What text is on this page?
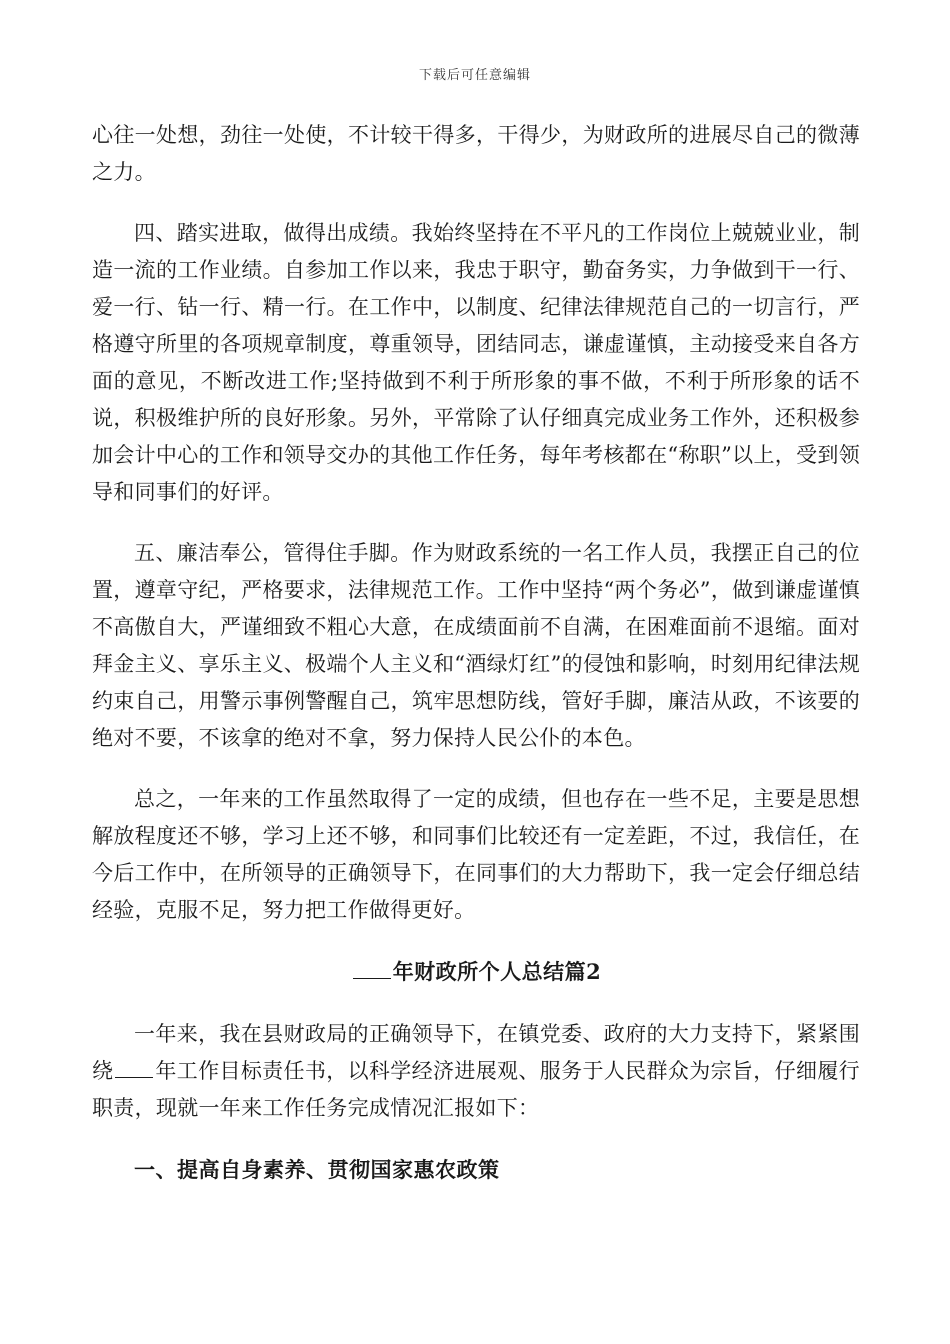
下载后可任意编辑

心往一处想，劲往一处使，不计较干得多，干得少，为财政所的进展尽自己的微薄之力。

四、踏实进取，做得出成绩。我始终坚持在不平凡的工作岗位上兢兢业业，制造一流的工作业绩。自参加工作以来，我忠于职守，勤奋务实，力争做到干一行、爱一行、钻一行、精一行。在工作中，以制度、纪律法律规范自己的一切言行，严格遵守所里的各项规章制度，尊重领导，团结同志，谦虚谨慎，主动接受来自各方面的意见，不断改进工作;坚持做到不利于所形象的事不做，不利于所形象的话不说，积极维护所的良好形象。另外，平常除了认仔细真完成业务工作外，还积极参加会计中心的工作和领导交办的其他工作任务，每年考核都在“称职”以上，受到领导和同事们的好评。

五、廉洁奉公，管得住手脚。作为财政系统的一名工作人员，我摆正自己的位置，遵章守纪，严格要求，法律规范工作。工作中坚持“两个务必”，做到谦虚谨慎不高傲自大，严谨细致不粗心大意，在成绩面前不自满，在困难面前不退缩。面对拜金主义、享乐主义、极端个人主义和“酒绿灯红”的侵蚀和影响，时刻用纪律法规约束自己，用警示事例警醒自己，筑牢思想防线，管好手脚，廉洁从政，不该要的绝对不要，不该拿的绝对不拿，努力保持人民公仆的本色。

总之，一年来的工作虽然取得了一定的成绩，但也存在一些不足，主要是思想解放程度还不够，学习上还不够，和同事们比较还有一定差距，不过，我信任，在今后工作中，在所领导的正确领导下，在同事们的大力帮助下，我一定会仔细总结经验，克服不足，努力把工作做得更好。

年财政所个人总结篇2

一年来，我在县财政局的正确领导下，在镇党委、政府的大力支持下，紧紧围绕 年工作目标责任书，以科学经济进展观、服务于人民群众为宗旨，仔细履行职责，现就一年来工作任务完成情况汇报如下：

一、提高自身素养、贯彻国家惠农政策
